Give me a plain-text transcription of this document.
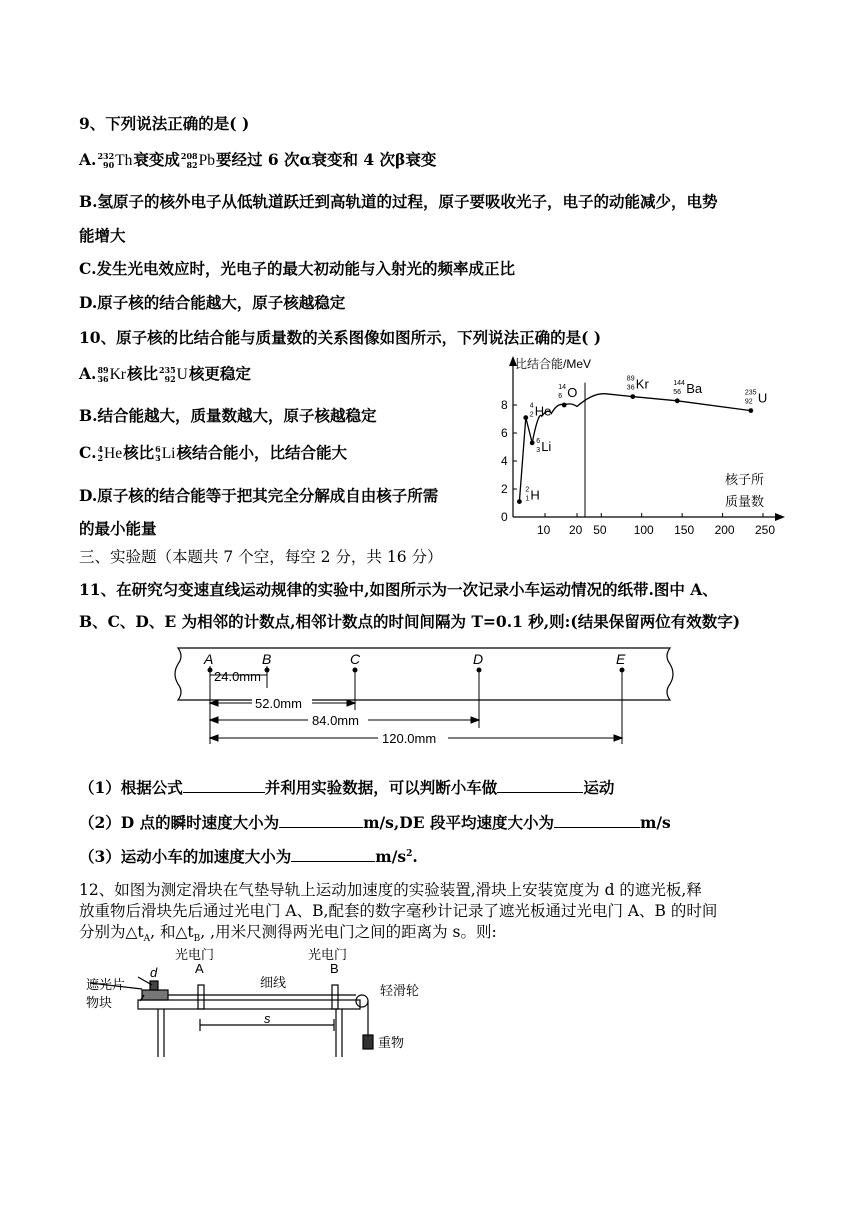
9、下列说法正确的是( )
A. 232
90 Th 衰变成 208
82 Pb 要经过 6 次α衰变和 4 次β衰变
B.氢原子的核外电子从低轨道跃迁到高轨道的过程，原子要吸收光子，电子的动能减少，电势
能增大
C.发生光电效应时，光电子的最大初动能与入射光的频率成正比
D.原子核的结合能越大，原子核越稳定
10、原子核的比结合能与质量数的关系图像如图所示，下列说法正确的是( )
A. 89
36 Kr 核比 235
92 U 核更稳定
B.结合能越大，质量数越大，原子核越稳定
C. 4
2 He 核比 6
3 Li 核结合能小，比结合能大
D.原子核的结合能等于把其完全分解成自由核子所需
的最小能量
比结合能/MeV
核子所
质量数
0
2
4
6
8
10 20 50 100 150 200 250
2
1 H
4
2 He
6
3 Li
14
6 O
89
36 Kr	144
56 Ba	235
92 U
三、实验题（本题共 7 个空，每空 2 分，共 16 分）
11、在研究匀变速直线运动规律的实验中,如图所示为一次记录小车运动情况的纸带.图中 A、
B、C、D、E 为相邻的计数点,相邻计数点的时间间隔为 T=0.1 秒,则:(结果保留两位有效数字)
A	B	C	D	E
24.0mm
52.0mm
84.0mm
120.0mm
（1）根据公式	并利用实验数据，可以判断小车做	运动
（2）D 点的瞬时速度大小为	m/s,DE 段平均速度大小为	m/s
（3）运动小车的加速度大小为	$m/s^2$.
12、如图为测定滑块在气垫导轨上运动加速度的实验装置,滑块上安装宽度为 d 的遮光板,释
放重物后滑块先后通过光电门 A、B,配套的数字毫秒计记录了遮光板通过光电门 A、B 的时间
分别为$\triangle t_A$, 和$\triangle t_B$, ,用米尺测得两光电门之间的距离为 s。则:
光电门
A
光电门
B
遮光片
d
物块
细线
轻滑轮
重物
s
